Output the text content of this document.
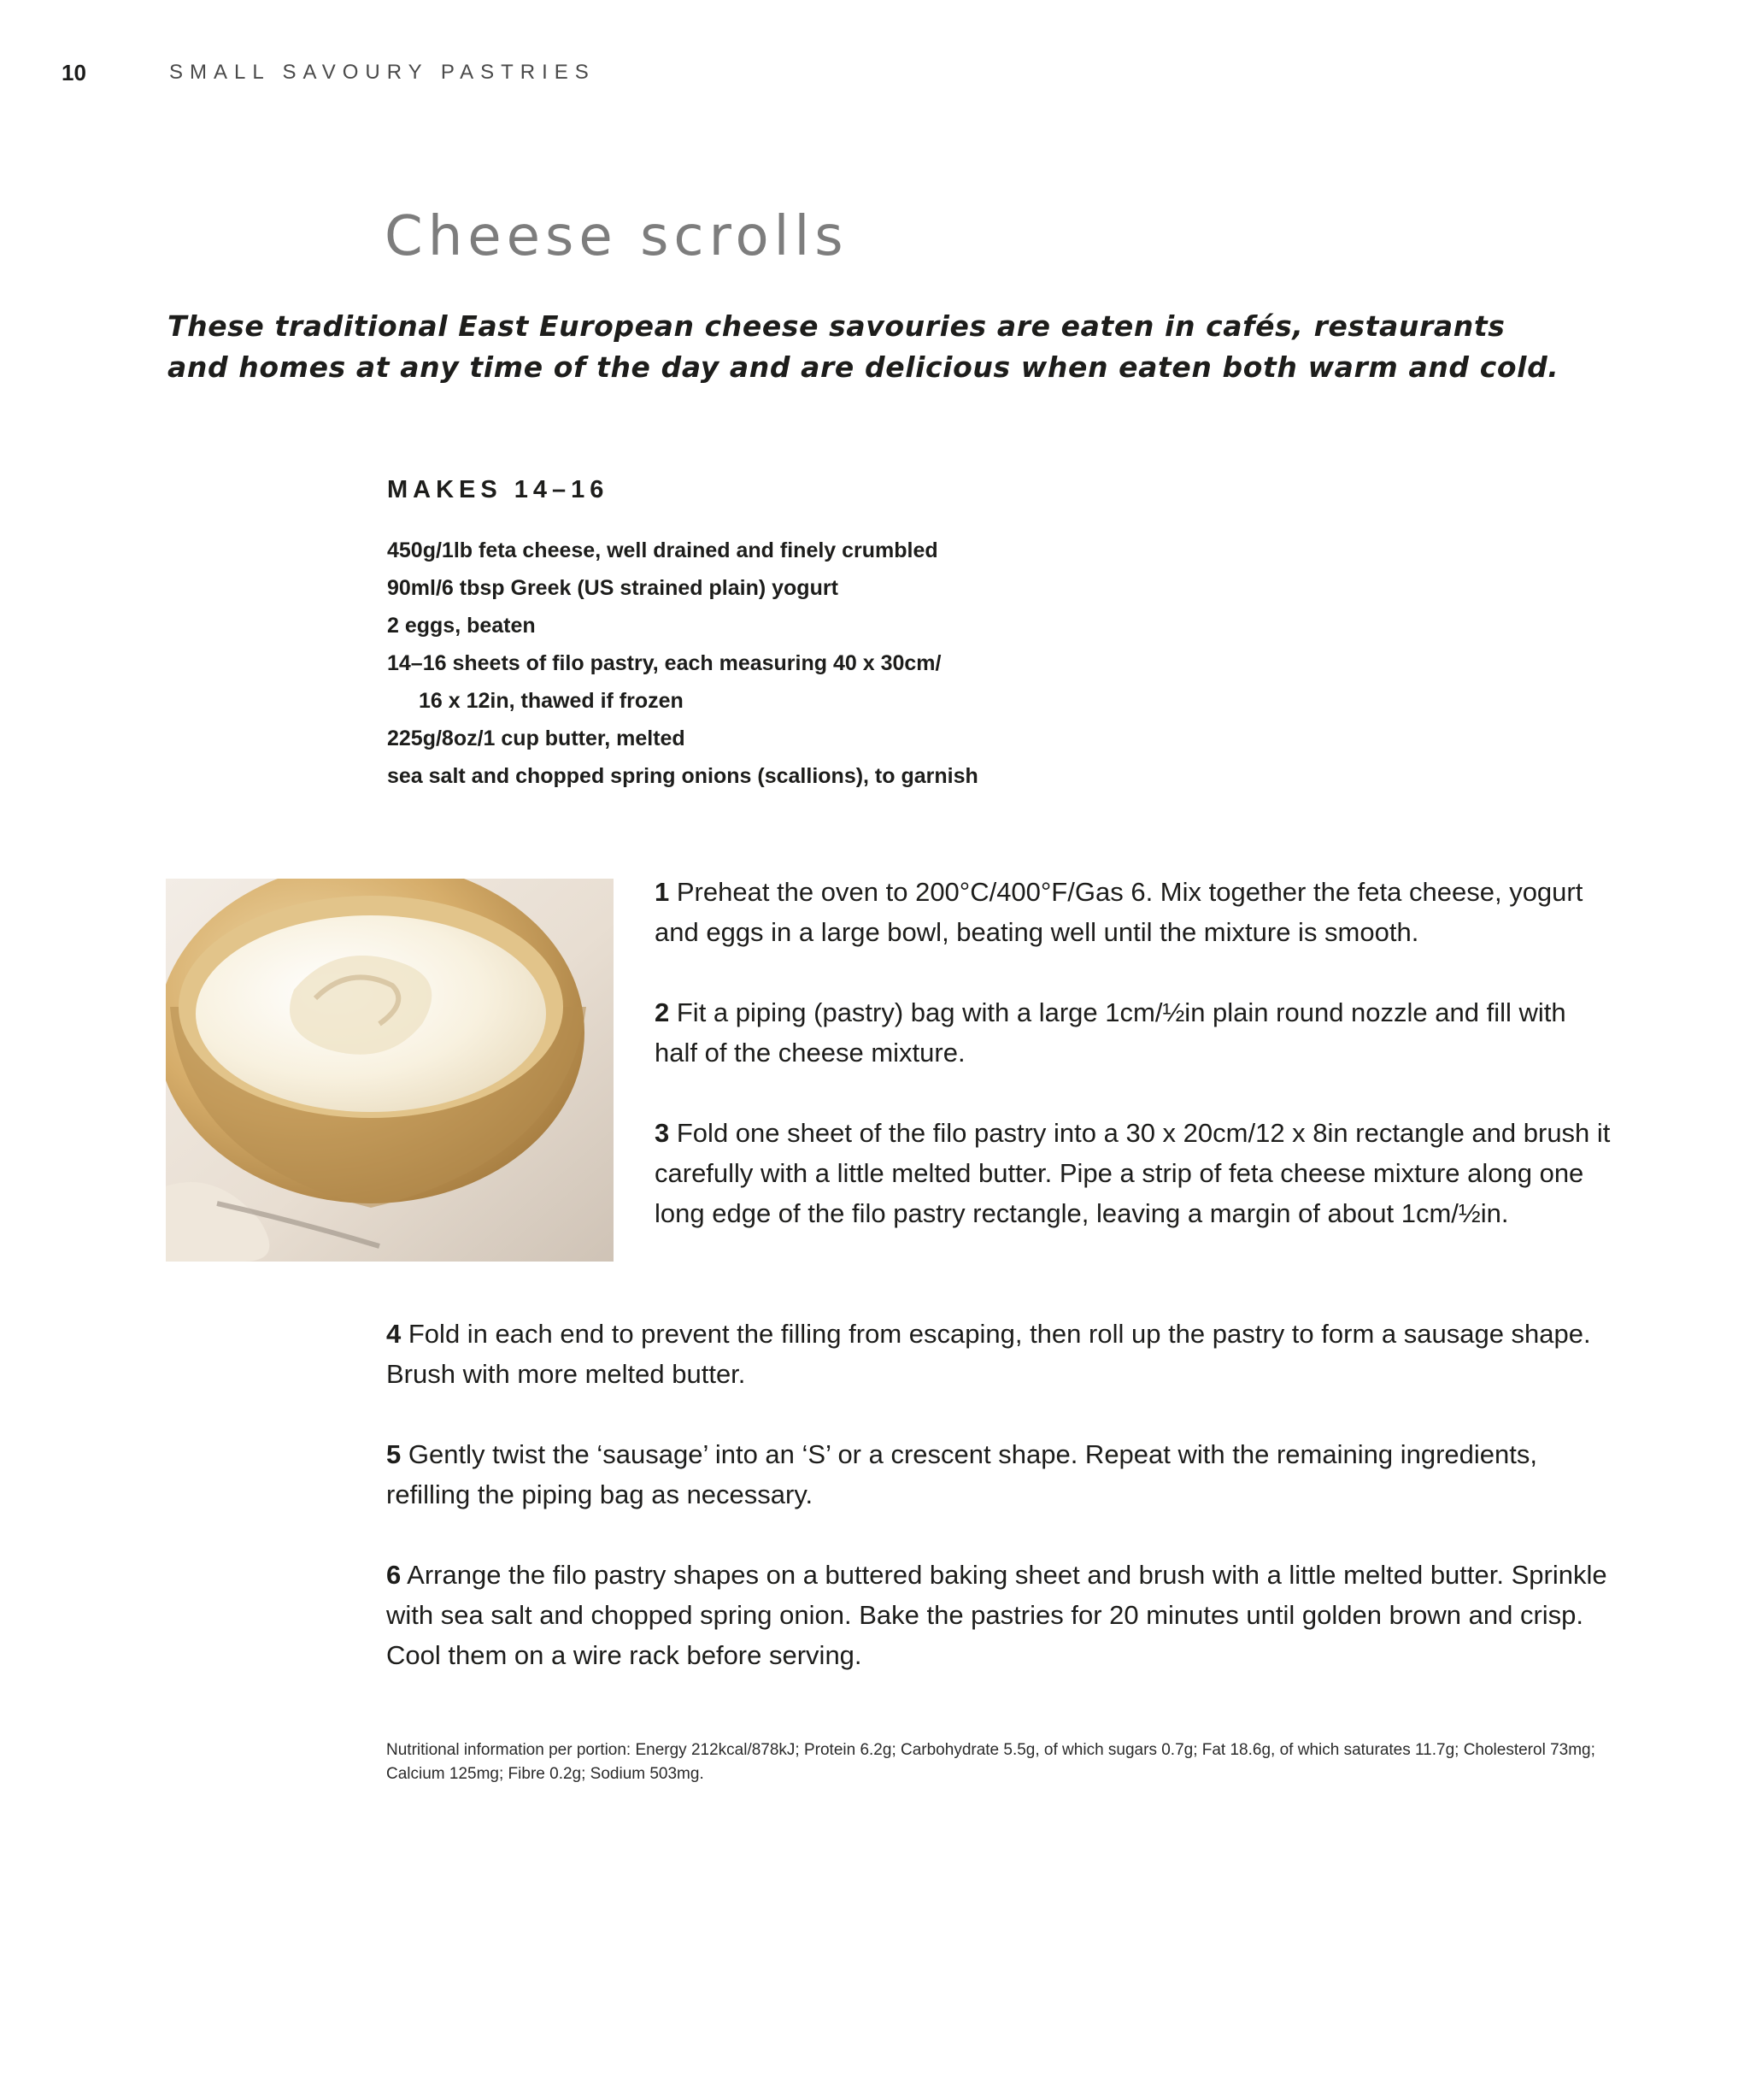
10	SMALL SAVOURY PASTRIES
Cheese scrolls

These traditional East European cheese savouries are eaten in cafés, restaurants and homes at any time of the day and are delicious when eaten both warm and cold.

MAKES 14–16

450g/1lb feta cheese, well drained and finely crumbled
90ml/6 tbsp Greek (US strained plain) yogurt
2 eggs, beaten
14–16 sheets of filo pastry, each measuring 40 x 30cm/
16 x 12in, thawed if frozen
225g/8oz/1 cup butter, melted
sea salt and chopped spring onions (scallions), to garnish

1 Preheat the oven to 200°C/400°F/Gas 6. Mix together the feta cheese, yogurt and eggs in a large bowl, beating well until the mixture is smooth.

2 Fit a piping (pastry) bag with a large 1cm/½in plain round nozzle and fill with half of the cheese mixture.

3 Fold one sheet of the filo pastry into a 30 x 20cm/12 x 8in rectangle and brush it carefully with a little melted butter. Pipe a strip of feta cheese mixture along one long edge of the filo pastry rectangle, leaving a margin of about 1cm/½in.

4 Fold in each end to prevent the filling from escaping, then roll up the pastry to form a sausage shape. Brush with more melted butter.

5 Gently twist the ‘sausage’ into an ‘S’ or a crescent shape. Repeat with the remaining ingredients, refilling the piping bag as necessary.

6 Arrange the filo pastry shapes on a buttered baking sheet and brush with a little melted butter. Sprinkle with sea salt and chopped spring onion. Bake the pastries for 20 minutes until golden brown and crisp. Cool them on a wire rack before serving.

Nutritional information per portion: Energy 212kcal/878kJ; Protein 6.2g; Carbohydrate 5.5g, of which sugars 0.7g; Fat 18.6g, of which saturates 11.7g; Cholesterol 73mg; Calcium 125mg; Fibre 0.2g; Sodium 503mg.
